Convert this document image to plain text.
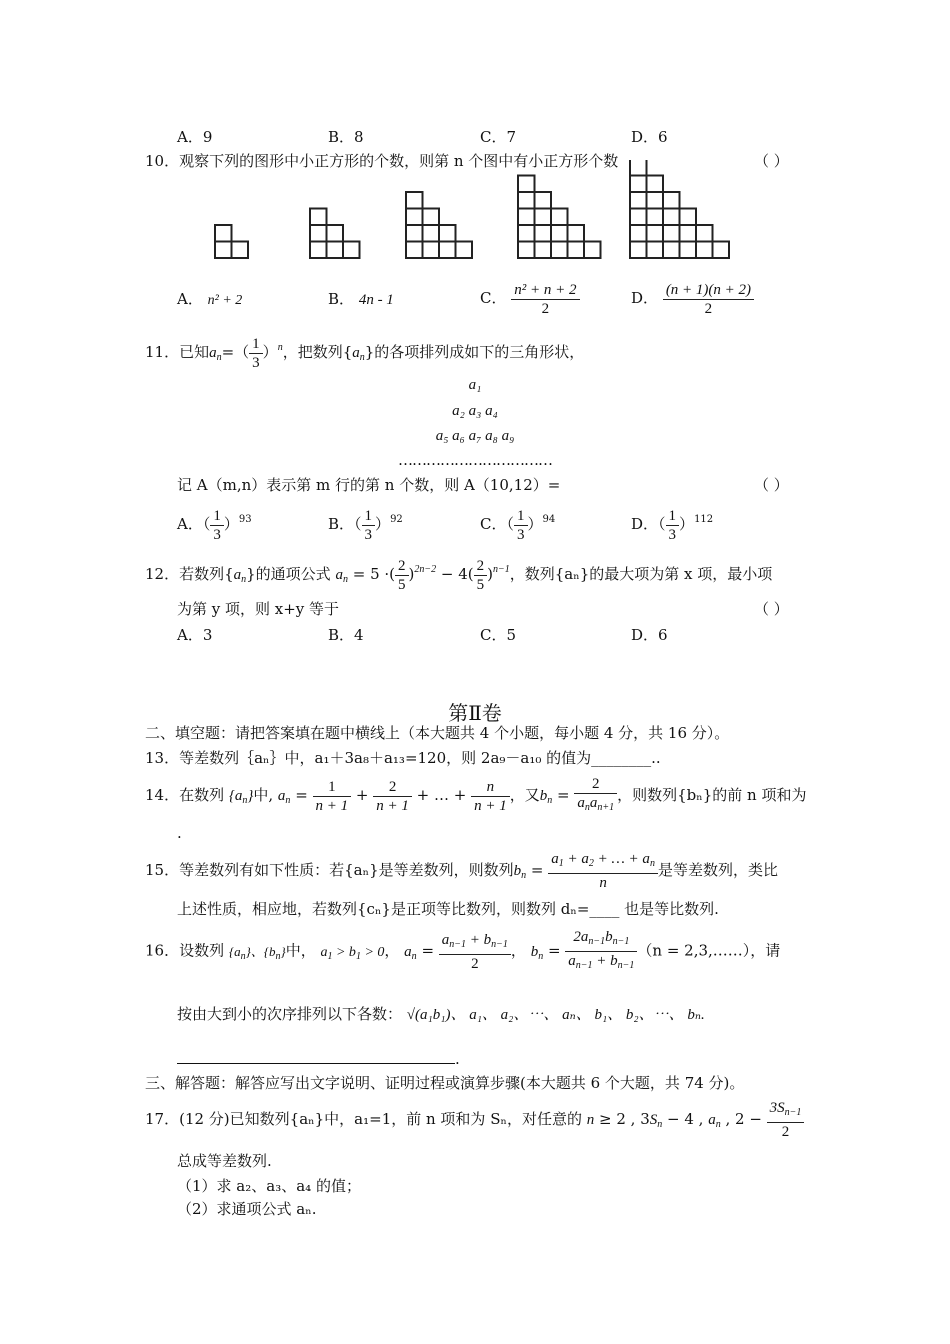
A．9	B．8	C．7	D．6
10．观察下列的图形中小正方形的个数，则第 n 个图中有小正方形个数	（ ）
A． n² + 2	B． 4n - 1	C． $\frac{\text{n² + n + 2}}{2}$	D． $\frac{(n + 1)(n + 2)}{2}$
11．已知$a_n=( \frac{1}{3} )^n$，把数列$\{a_n\}$的各项排列成如下的三角形状，
a₁
a₂ a₃ a₄
a₅ a₆ a₇ a₈ a₉
……………………………
记 A（m,n）表示第 m 行的第 n 个数，则 A（10,12）=	（ ）
A．（ $\frac{1}{3} )^{93}$	B．（ $\frac{1}{3} )^{92}$	C．（ $\frac{1}{3} )^{94}$	D．（ $\frac{1}{3} )^{112}$
12．若数列$\{a_n\}$的通项公式 $a_n = 5$ ·( $\frac{2}{5} )^{2n-2} - 4( \frac{2}{5} )^{n-1}$，数列{aₙ}的最大项为第 x 项，最小项
为第 y 项，则 x+y 等于	（ ）
A．3	B．4	C．5	D．6
第Ⅱ卷
二、填空题：请把答案填在题中横线上（本大题共 4 个小题，每小题 4 分，共 16 分）。
13．等差数列｛aₙ｝中，a₁＋3a₈＋a₁₃=120，则 2a₉－a₁₀ 的值为________..
14．在数列 $\{a_n\}$中, $a_n = \frac{1}{n + 1} + \frac{2}{n + 1}$ + … + $\frac{n}{n + 1}$ ，又$b_n = \frac{2}{a_na_{n+1}}$ ，则数列{bₙ}的前 n 项和为
.
15．等差数列有如下性质：若{aₙ}是等差数列，则数列$b_n = \frac{a_1 + a_2 + \dots + a_n}{n}$ 是等差数列，类比
上述性质，相应地，若数列{cₙ}是正项等比数列，则数列 dₙ=____ 也是等比数列.
16．设数列 $\{a_n\}$、$\{b_n\}$中， $a_1 > b_1 > 0$， $a_n = \frac{a_{n-1} + b_{n-1}}{2}$ ， $b_n = \frac{2a_{n-1}b_{n-1}}{a_{n-1} + b_{n-1}} (n$ = 2,3,……），请
按由大到小的次序排列以下各数： √(a₁b₁)、 a₁、 a₂、⋯、 aₙ、 b₁、 b₂、⋯、 bₙ.
.
三、解答题：解答应写出文字说明、证明过程或演算步骤(本大题共 6 个大题，共 74 分)。
17．(12 分)已知数列{aₙ}中，a₁=1，前 n 项和为 Sₙ，对任意的 n ≥ 2 , $3S_n - 4$ , $a_n$ , $2 - \frac{3S_{n-1}}{2}$
总成等差数列.
（1）求 a₂、a₃、a₄ 的值；
（2）求通项公式 aₙ.
